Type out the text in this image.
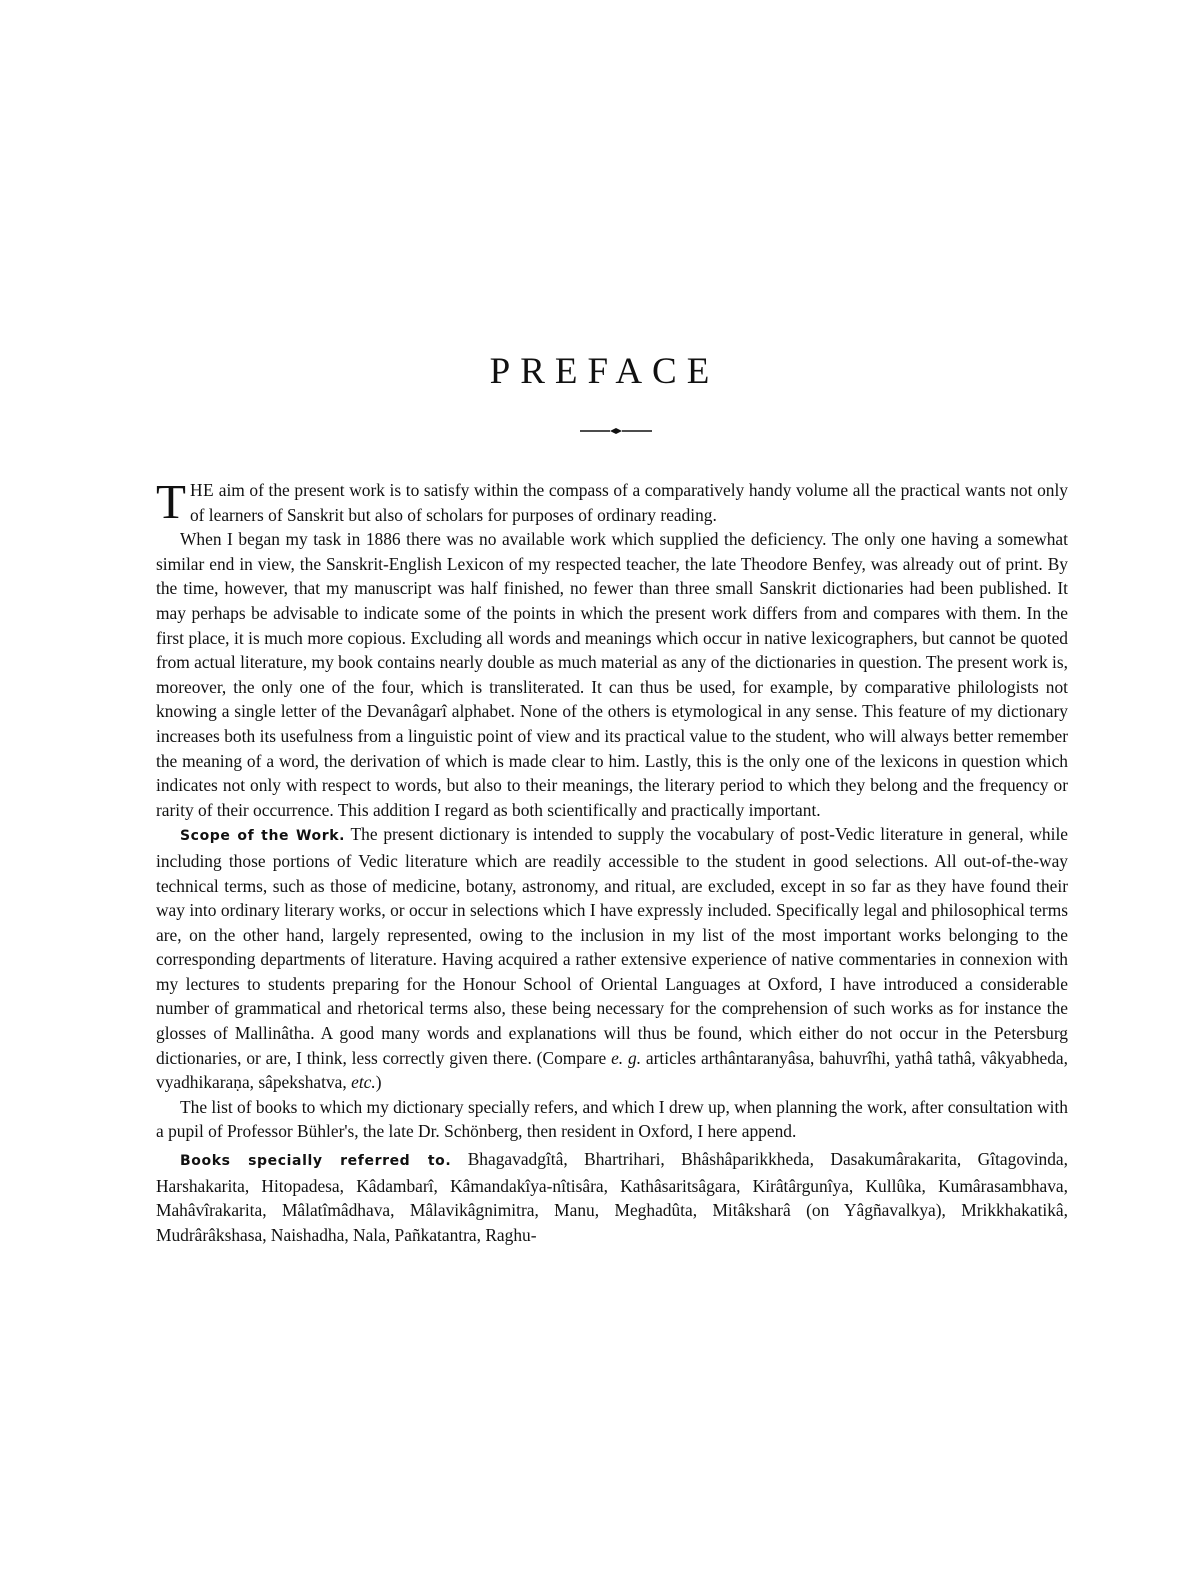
PREFACE

THE aim of the present work is to satisfy within the compass of a comparatively handy volume all the practical wants not only of learners of Sanskrit but also of scholars for purposes of ordinary reading.

When I began my task in 1886 there was no available work which supplied the deficiency. The only one having a somewhat similar end in view, the Sanskrit-English Lexicon of my respected teacher, the late Theodore Benfey, was already out of print. By the time, however, that my manuscript was half finished, no fewer than three small Sanskrit dictionaries had been published. It may perhaps be advisable to indicate some of the points in which the present work differs from and compares with them. In the first place, it is much more copious. Excluding all words and meanings which occur in native lexicographers, but cannot be quoted from actual literature, my book contains nearly double as much material as any of the dictionaries in question. The present work is, moreover, the only one of the four, which is transliterated. It can thus be used, for example, by comparative philologists not knowing a single letter of the Devanâgarî alphabet. None of the others is etymological in any sense. This feature of my dictionary increases both its usefulness from a linguistic point of view and its practical value to the student, who will always better remember the meaning of a word, the derivation of which is made clear to him. Lastly, this is the only one of the lexicons in question which indicates not only with respect to words, but also to their meanings, the literary period to which they belong and the frequency or rarity of their occurrence. This addition I regard as both scientifically and practically important.

Scope of the Work. The present dictionary is intended to supply the vocabulary of post-Vedic literature in general, while including those portions of Vedic literature which are readily accessible to the student in good selections. All out-of-the-way technical terms, such as those of medicine, botany, astronomy, and ritual, are excluded, except in so far as they have found their way into ordinary literary works, or occur in selections which I have expressly included. Specifically legal and philosophical terms are, on the other hand, largely represented, owing to the inclusion in my list of the most important works belonging to the corresponding departments of literature. Having acquired a rather extensive experience of native commentaries in connexion with my lectures to students preparing for the Honour School of Oriental Languages at Oxford, I have introduced a considerable number of grammatical and rhetorical terms also, these being necessary for the comprehension of such works as for instance the glosses of Mallinâtha. A good many words and explanations will thus be found, which either do not occur in the Petersburg dictionaries, or are, I think, less correctly given there. (Compare e. g. articles arthântaranyâsa, bahuvrîhi, yathâ tathâ, vâkyabheda, vyadhikaraṇa, sâpekshatva, etc.)

The list of books to which my dictionary specially refers, and which I drew up, when planning the work, after consultation with a pupil of Professor Bühler's, the late Dr. Schönberg, then resident in Oxford, I here append.

Books specially referred to. Bhagavadgîtâ, Bhartrihari, Bhâshâparikkheda, Dasakumârakarita, Gîtagovinda, Harshakarita, Hitopadesa, Kâdambarî, Kâmandakîya-nîtisâra, Kathâsaritsâgara, Kirâtârgunîya, Kullûka, Kumârasambhava, Mahâvîrakarita, Mâlatîmâdhava, Mâlavikâgnimitra, Manu, Meghadûta, Mitâksharâ (on Yâgñavalkya), Mrikkhakatikâ, Mudrârâkshasa, Naishadha, Nala, Pañkatantra, Raghu-
